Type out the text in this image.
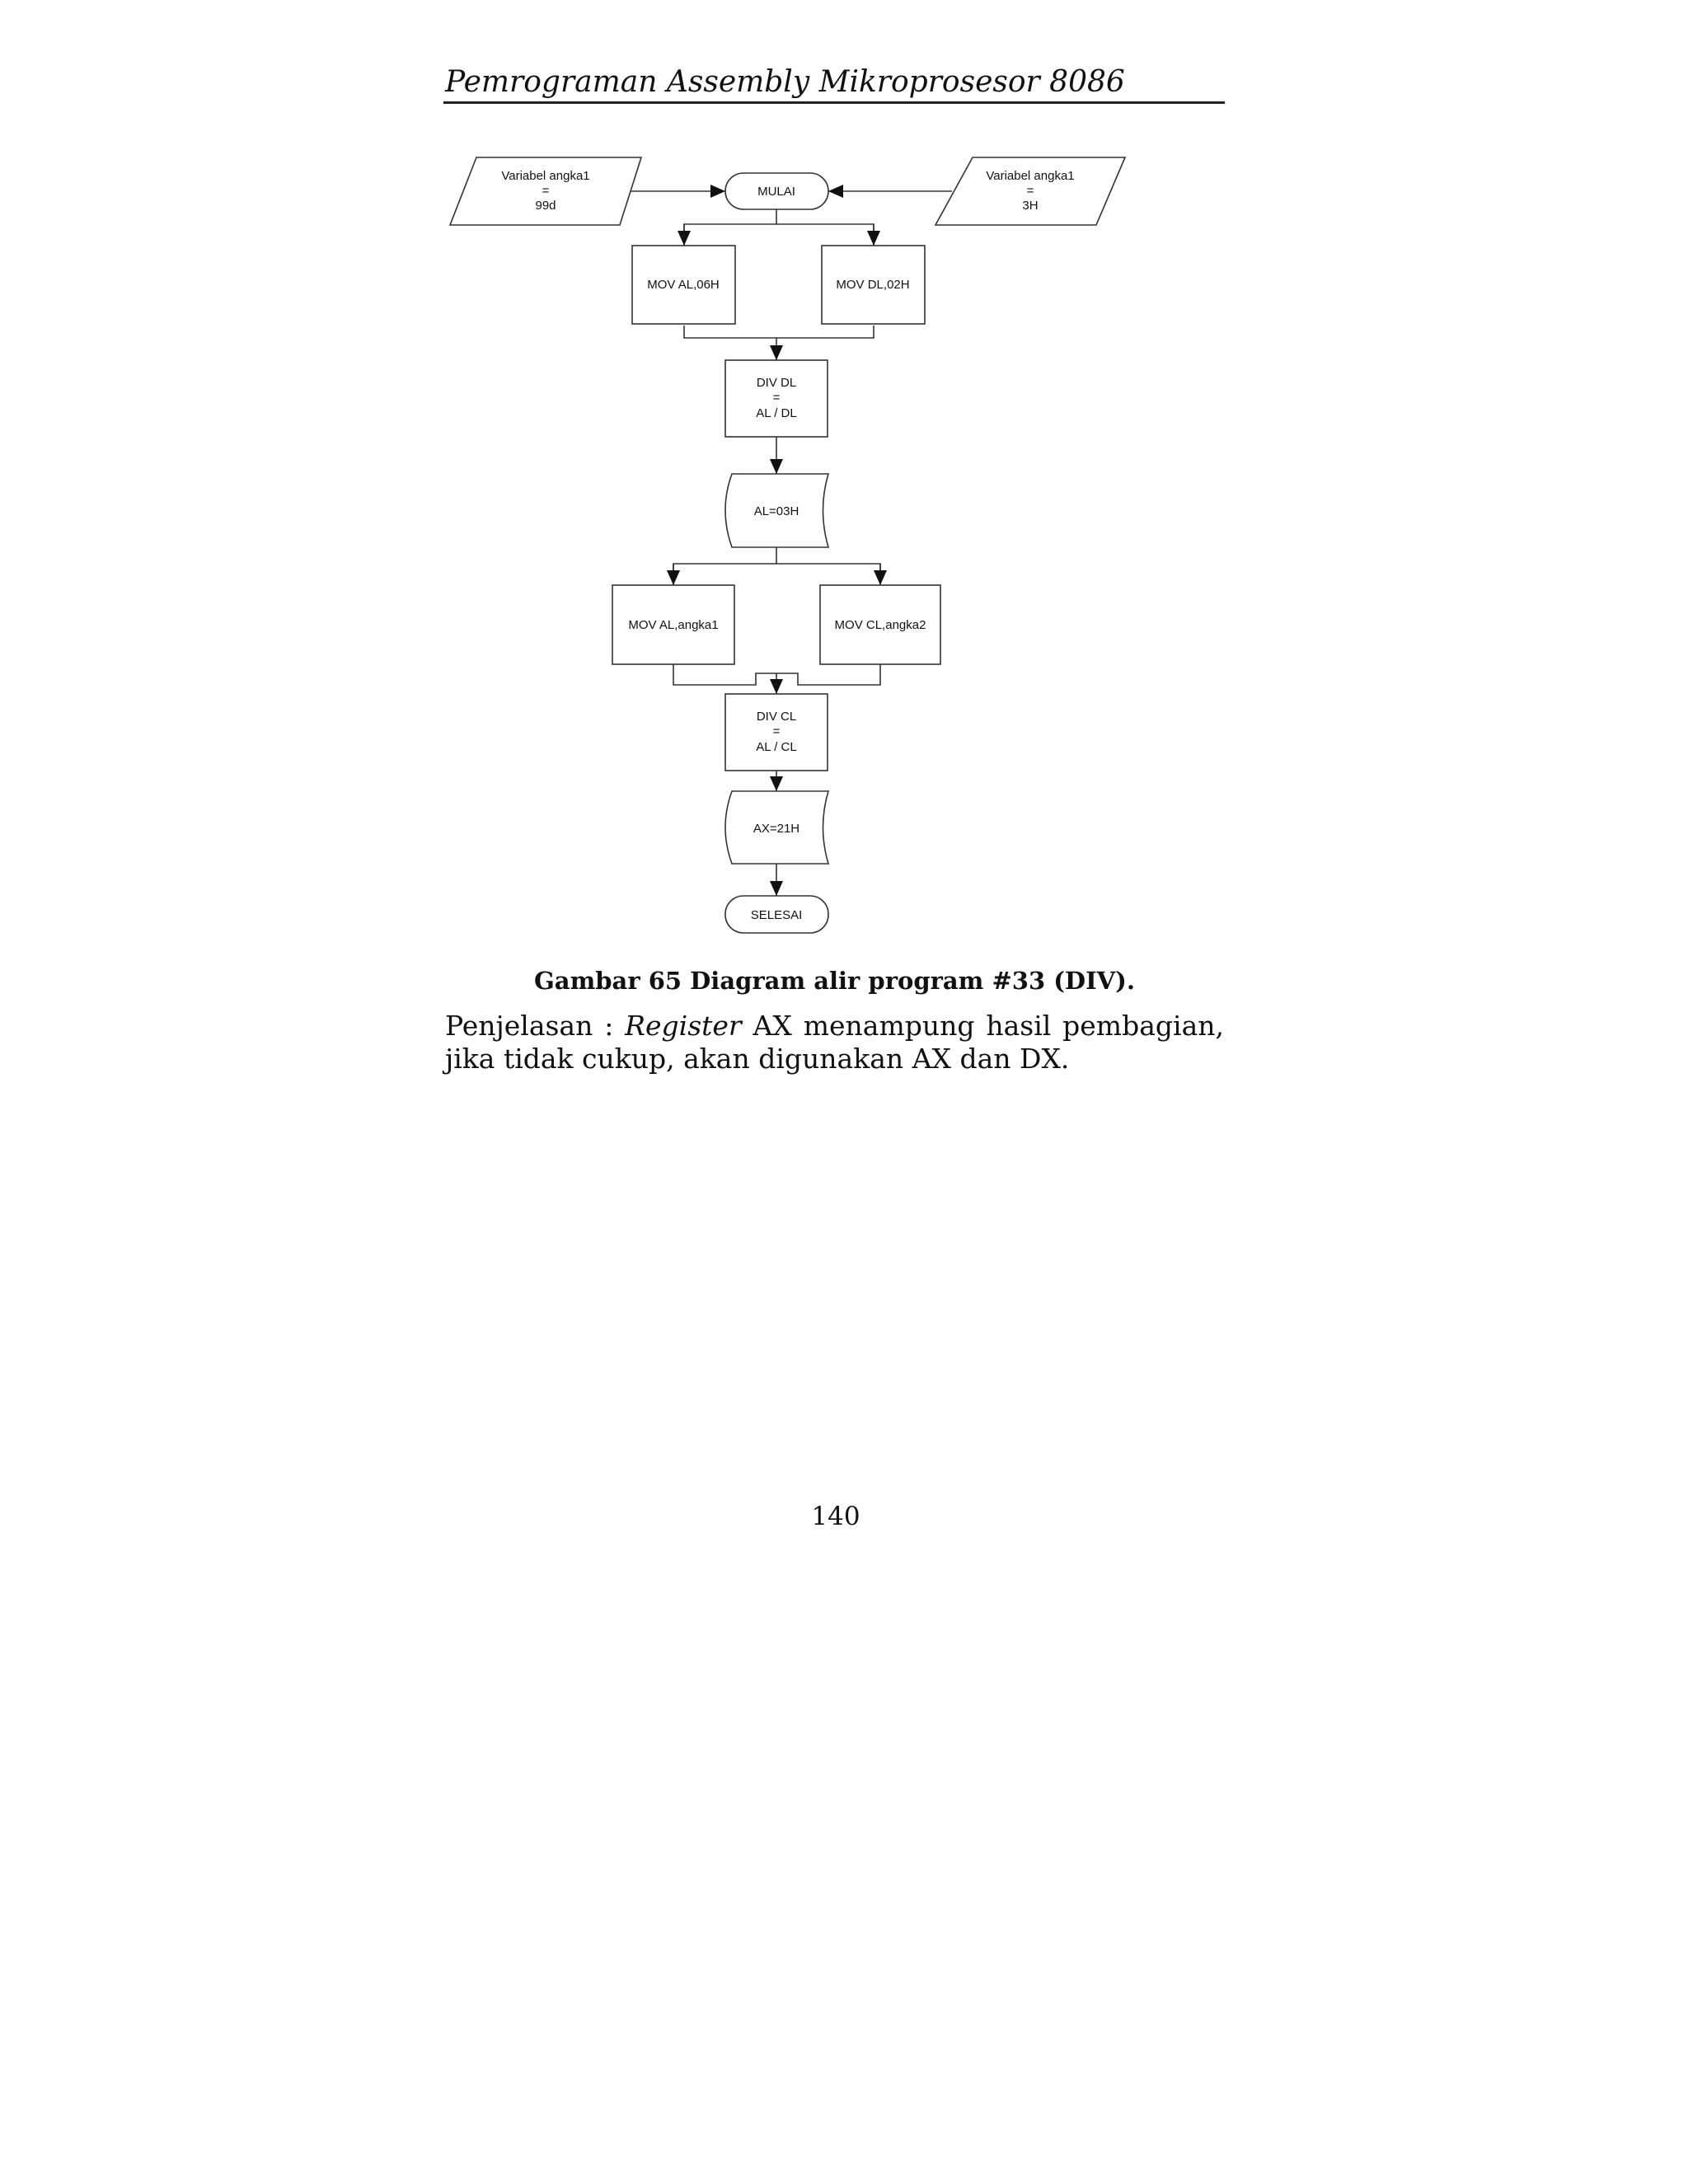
Pemrograman Assembly Mikroprosesor 8086
Variabel angka1
=
99d
MULAI
Variabel angka1
=
3H
MOV AL,06H	MOV DL,02H
DIV DL
=
AL / DL
AL=03H
MOV AL,angka1	MOV CL,angka2
DIV CL
=
AL / CL
AX=21H
SELESAI
Gambar 65 Diagram alir program #33 (DIV).
Penjelasan : Register AX menampung hasil pembagian,
jika tidak cukup, akan digunakan AX dan DX.
140
